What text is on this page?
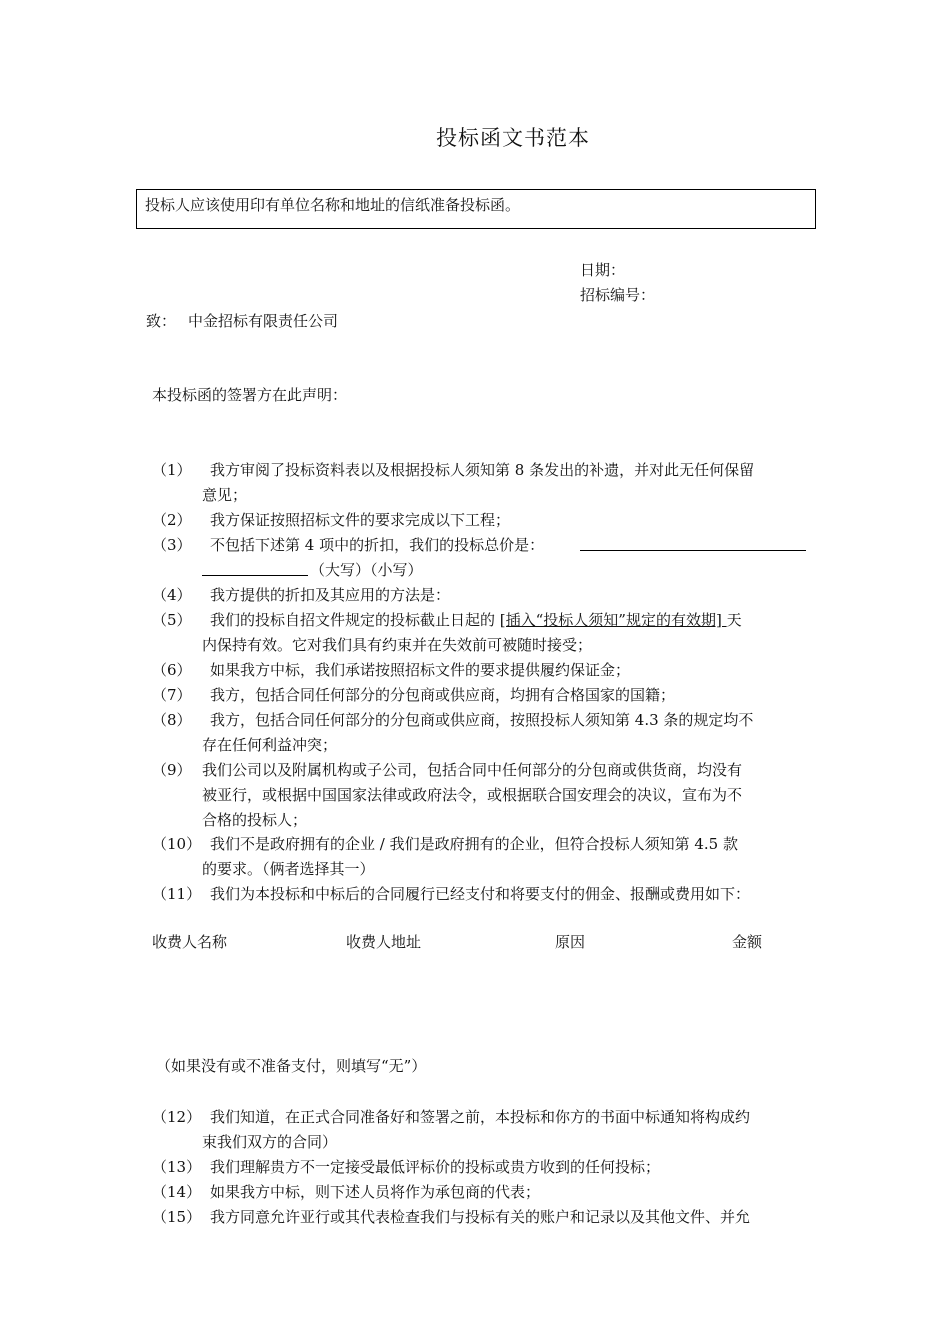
投标函文书范本
投标人应该使用印有单位名称和地址的信纸准备投标函。
日期：
招标编号：
致： 中金招标有限责任公司
本投标函的签署方在此声明：
（1） 我方审阅了投标资料表以及根据投标人须知第 8 条发出的补遗，并对此无任何保留
意见；
（2） 我方保证按照招标文件的要求完成以下工程；
（3） 不包括下述第 4 项中的折扣，我们的投标总价是：
（大写）（小写）
（4） 我方提供的折扣及其应用的方法是：
（5） 我们的投标自招文件规定的投标截止日起的 [插入“投标人须知”规定的有效期] 天
内保持有效。它对我们具有约束并在失效前可被随时接受；
（6） 如果我方中标，我们承诺按照招标文件的要求提供履约保证金；
（7） 我方，包括合同任何部分的分包商或供应商，均拥有合格国家的国籍；
（8） 我方，包括合同任何部分的分包商或供应商，按照投标人须知第 4.3 条的规定均不
存在任何利益冲突；
（9） 我们公司以及附属机构或子公司，包括合同中任何部分的分包商或供货商，均没有
被亚行，或根据中国国家法律或政府法令，或根据联合国安理会的决议，宣布为不
合格的投标人；
（10） 我们不是政府拥有的企业 / 我们是政府拥有的企业，但符合投标人须知第 4.5 款
的要求。（俩者选择其一）
（11） 我们为本投标和中标后的合同履行已经支付和将要支付的佣金、报酬或费用如下：
收费人名称	收费人地址	原因	金额
（如果没有或不准备支付，则填写“无”）
（12） 我们知道，在正式合同准备好和签署之前，本投标和你方的书面中标通知将构成约
束我们双方的合同）
（13） 我们理解贵方不一定接受最低评标价的投标或贵方收到的任何投标；
（14） 如果我方中标，则下述人员将作为承包商的代表；
（15） 我方同意允许亚行或其代表检查我们与投标有关的账户和记录以及其他文件、并允
